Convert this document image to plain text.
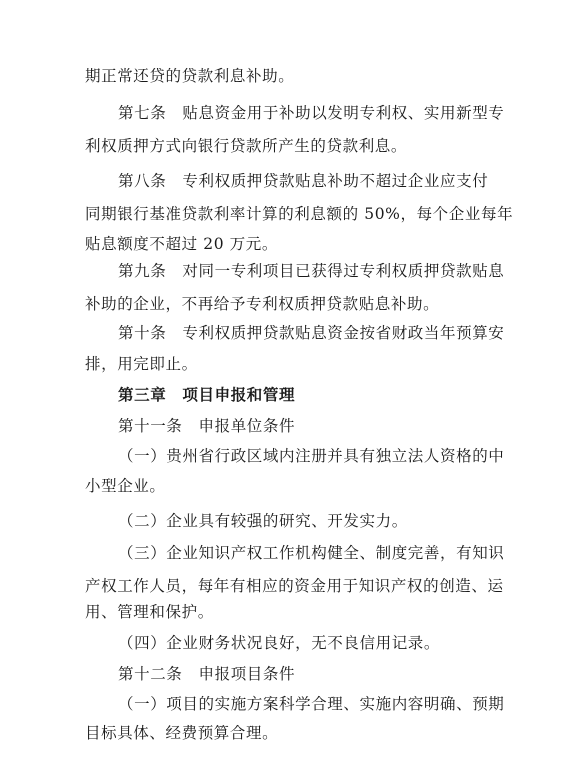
期正常还贷的贷款利息补助。
第七条　贴息资金用于补助以发明专利权、实用新型专
利权质押方式向银行贷款所产生的贷款利息。
第八条　专利权质押贷款贴息补助不超过企业应支付
同期银行基准贷款利率计算的利息额的 50%，每个企业每年
贴息额度不超过 20 万元。
第九条　对同一专利项目已获得过专利权质押贷款贴息
补助的企业，不再给予专利权质押贷款贴息补助。
第十条　专利权质押贷款贴息资金按省财政当年预算安
排，用完即止。
第三章　项目申报和管理
第十一条　申报单位条件
（一）贵州省行政区域内注册并具有独立法人资格的中
小型企业。
（二）企业具有较强的研究、开发实力。
（三）企业知识产权工作机构健全、制度完善，有知识
产权工作人员，每年有相应的资金用于知识产权的创造、运
用、管理和保护。
（四）企业财务状况良好，无不良信用记录。
第十二条　申报项目条件
（一）项目的实施方案科学合理、实施内容明确、预期
目标具体、经费预算合理。
